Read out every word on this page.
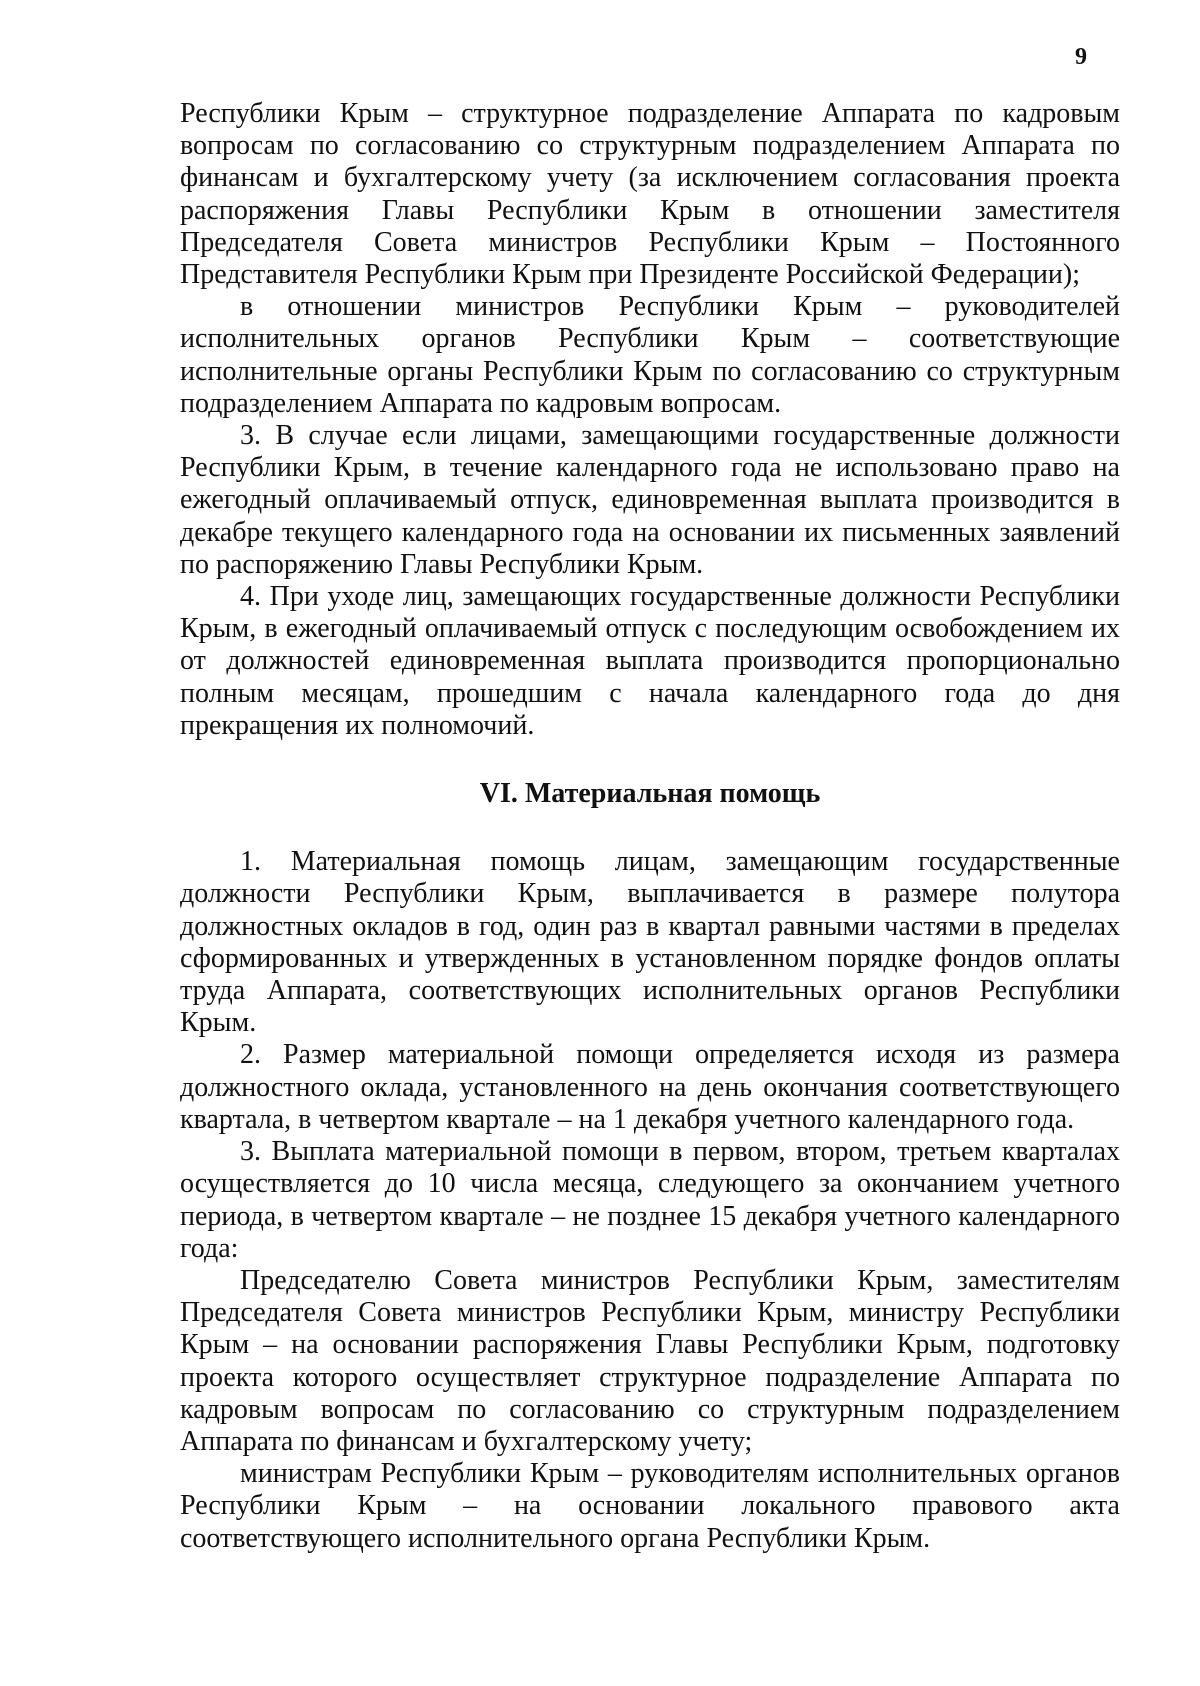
9

Республики Крым – структурное подразделение Аппарата по кадровым вопросам по согласованию со структурным подразделением Аппарата по финансам и бухгалтерскому учету (за исключением согласования проекта распоряжения Главы Республики Крым в отношении заместителя Председателя Совета министров Республики Крым – Постоянного Представителя Республики Крым при Президенте Российской Федерации);

в отношении министров Республики Крым – руководителей исполнительных органов Республики Крым – соответствующие исполнительные органы Республики Крым по согласованию со структурным подразделением Аппарата по кадровым вопросам.

3. В случае если лицами, замещающими государственные должности Республики Крым, в течение календарного года не использовано право на ежегодный оплачиваемый отпуск, единовременная выплата производится в декабре текущего календарного года на основании их письменных заявлений по распоряжению Главы Республики Крым.

4. При уходе лиц, замещающих государственные должности Республики Крым, в ежегодный оплачиваемый отпуск с последующим освобождением их от должностей единовременная выплата производится пропорционально полным месяцам, прошедшим с начала календарного года до дня прекращения их полномочий.

VI. Материальная помощь

1. Материальная помощь лицам, замещающим государственные должности Республики Крым, выплачивается в размере полутора должностных окладов в год, один раз в квартал равными частями в пределах сформированных и утвержденных в установленном порядке фондов оплаты труда Аппарата, соответствующих исполнительных органов Республики Крым.

2. Размер материальной помощи определяется исходя из размера должностного оклада, установленного на день окончания соответствующего квартала, в четвертом квартале – на 1 декабря учетного календарного года.

3. Выплата материальной помощи в первом, втором, третьем кварталах осуществляется до 10 числа месяца, следующего за окончанием учетного периода, в четвертом квартале – не позднее 15 декабря учетного календарного года:

Председателю Совета министров Республики Крым, заместителям Председателя Совета министров Республики Крым, министру Республики Крым – на основании распоряжения Главы Республики Крым, подготовку проекта которого осуществляет структурное подразделение Аппарата по кадровым вопросам по согласованию со структурным подразделением Аппарата по финансам и бухгалтерскому учету;

министрам Республики Крым – руководителям исполнительных органов Республики Крым – на основании локального правового акта соответствующего исполнительного органа Республики Крым.
